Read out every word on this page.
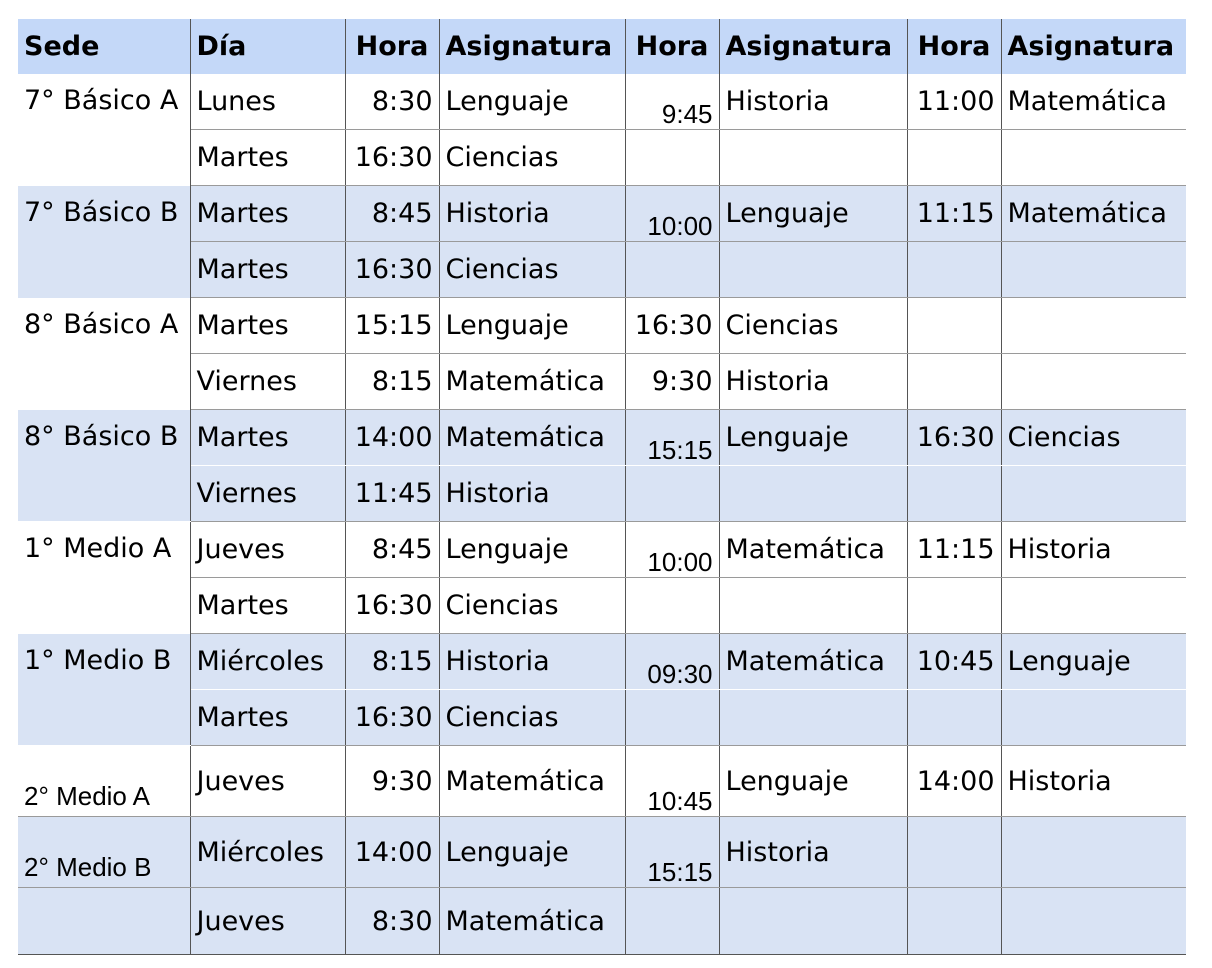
Sede	Día	Hora	Asignatura	Hora	Asignatura	Hora	Asignatura
7° Básico A	Lunes	8:30	Lenguaje	9:45	Historia	11:00	Matemática
	Martes	16:30	Ciencias				
7° Básico B	Martes	8:45	Historia	10:00	Lenguaje	11:15	Matemática
	Martes	16:30	Ciencias				
8° Básico A	Martes	15:15	Lenguaje	16:30	Ciencias		
	Viernes	8:15	Matemática	9:30	Historia		
8° Básico B	Martes	14:00	Matemática	15:15	Lenguaje	16:30	Ciencias
	Viernes	11:45	Historia				
1° Medio A	Jueves	8:45	Lenguaje	10:00	Matemática	11:15	Historia
	Martes	16:30	Ciencias				
1° Medio B	Miércoles	8:15	Historia	09:30	Matemática	10:45	Lenguaje
	Martes	16:30	Ciencias				
2° Medio A	Jueves	9:30	Matemática	10:45	Lenguaje	14:00	Historia
2° Medio B	Miércoles	14:00	Lenguaje	15:15	Historia		
	Jueves	8:30	Matemática				
